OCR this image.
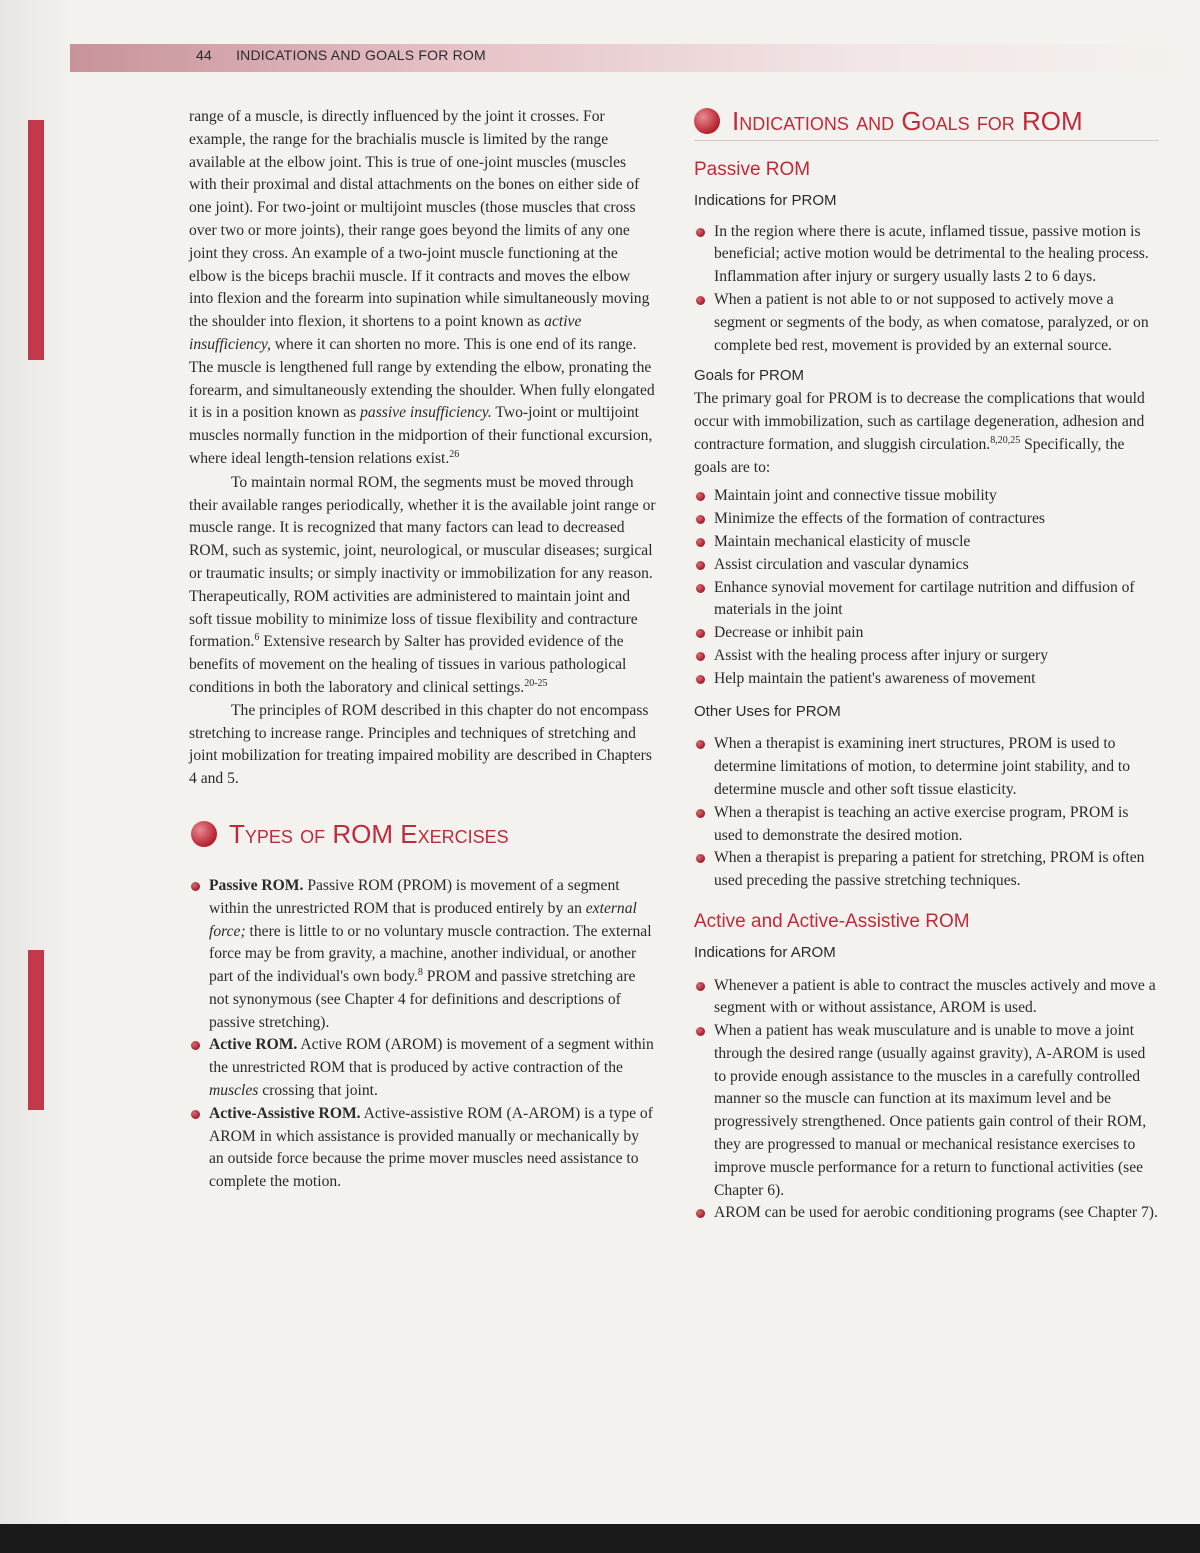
44 INDICATIONS AND GOALS FOR ROM

range of a muscle, is directly influenced by the joint it crosses. For example, the range for the brachialis muscle is limited by the range available at the elbow joint. This is true of one-joint muscles (muscles with their proximal and distal attachments on the bones on either side of one joint). For two-joint or multijoint muscles (those muscles that cross over two or more joints), their range goes beyond the limits of any one joint they cross. An example of a two-joint muscle functioning at the elbow is the biceps brachii muscle. If it contracts and moves the elbow into flexion and the forearm into supination while simultaneously moving the shoulder into flexion, it shortens to a point known as active insufficiency, where it can shorten no more. This is one end of its range. The muscle is lengthened full range by extending the elbow, pronating the forearm, and simultaneously extending the shoulder. When fully elongated it is in a position known as passive insufficiency. Two-joint or multijoint muscles normally function in the midportion of their functional excursion, where ideal length-tension relations exist.$^{26}$

To maintain normal ROM, the segments must be moved through their available ranges periodically, whether it is the available joint range or muscle range. It is recognized that many factors can lead to decreased ROM, such as systemic, joint, neurological, or muscular diseases; surgical or traumatic insults; or simply inactivity or immobilization for any reason. Therapeutically, ROM activities are administered to maintain joint and soft tissue mobility to minimize loss of tissue flexibility and contracture formation.$^6$ Extensive research by Salter has provided evidence of the benefits of movement on the healing of tissues in various pathological conditions in both the laboratory and clinical settings.$^{20-25}$

The principles of ROM described in this chapter do not encompass stretching to increase range. Principles and techniques of stretching and joint mobilization for treating impaired mobility are described in Chapters 4 and 5.

Types of ROM Exercises
Passive ROM. Passive ROM (PROM) is movement of a segment within the unrestricted ROM that is produced entirely by an external force; there is little to or no voluntary muscle contraction. The external force may be from gravity, a machine, another individual, or another part of the individual's own body.$^8$ PROM and passive stretching are not synonymous (see Chapter 4 for definitions and descriptions of passive stretching).
Active ROM. Active ROM (AROM) is movement of a segment within the unrestricted ROM that is produced by active contraction of the muscles crossing that joint.
Active-Assistive ROM. Active-assistive ROM (A-AROM) is a type of AROM in which assistance is provided manually or mechanically by an outside force because the prime mover muscles need assistance to complete the motion.
Indications and Goals for ROM

Passive ROM

Indications for PROM

In the region where there is acute, inflamed tissue, passive motion is beneficial; active motion would be detrimental to the healing process. Inflammation after injury or surgery usually lasts 2 to 6 days.
When a patient is not able to or not supposed to actively move a segment or segments of the body, as when comatose, paralyzed, or on complete bed rest, movement is provided by an external source.

Goals for PROM

The primary goal for PROM is to decrease the complications that would occur with immobilization, such as cartilage degeneration, adhesion and contracture formation, and sluggish circulation.$^{8,20,25}$ Specifically, the goals are to:

Maintain joint and connective tissue mobility
Minimize the effects of the formation of contractures
Maintain mechanical elasticity of muscle
Assist circulation and vascular dynamics
Enhance synovial movement for cartilage nutrition and diffusion of materials in the joint
Decrease or inhibit pain
Assist with the healing process after injury or surgery
Help maintain the patient's awareness of movement

Other Uses for PROM

When a therapist is examining inert structures, PROM is used to determine limitations of motion, to determine joint stability, and to determine muscle and other soft tissue elasticity.
When a therapist is teaching an active exercise program, PROM is used to demonstrate the desired motion.
When a therapist is preparing a patient for stretching, PROM is often used preceding the passive stretching techniques.

Active and Active-Assistive ROM

Indications for AROM

Whenever a patient is able to contract the muscles actively and move a segment with or without assistance, AROM is used.
When a patient has weak musculature and is unable to move a joint through the desired range (usually against gravity), A-AROM is used to provide enough assistance to the muscles in a carefully controlled manner so the muscle can function at its maximum level and be progressively strengthened. Once patients gain control of their ROM, they are progressed to manual or mechanical resistance exercises to improve muscle performance for a return to functional activities (see Chapter 6).
AROM can be used for aerobic conditioning programs (see Chapter 7).
